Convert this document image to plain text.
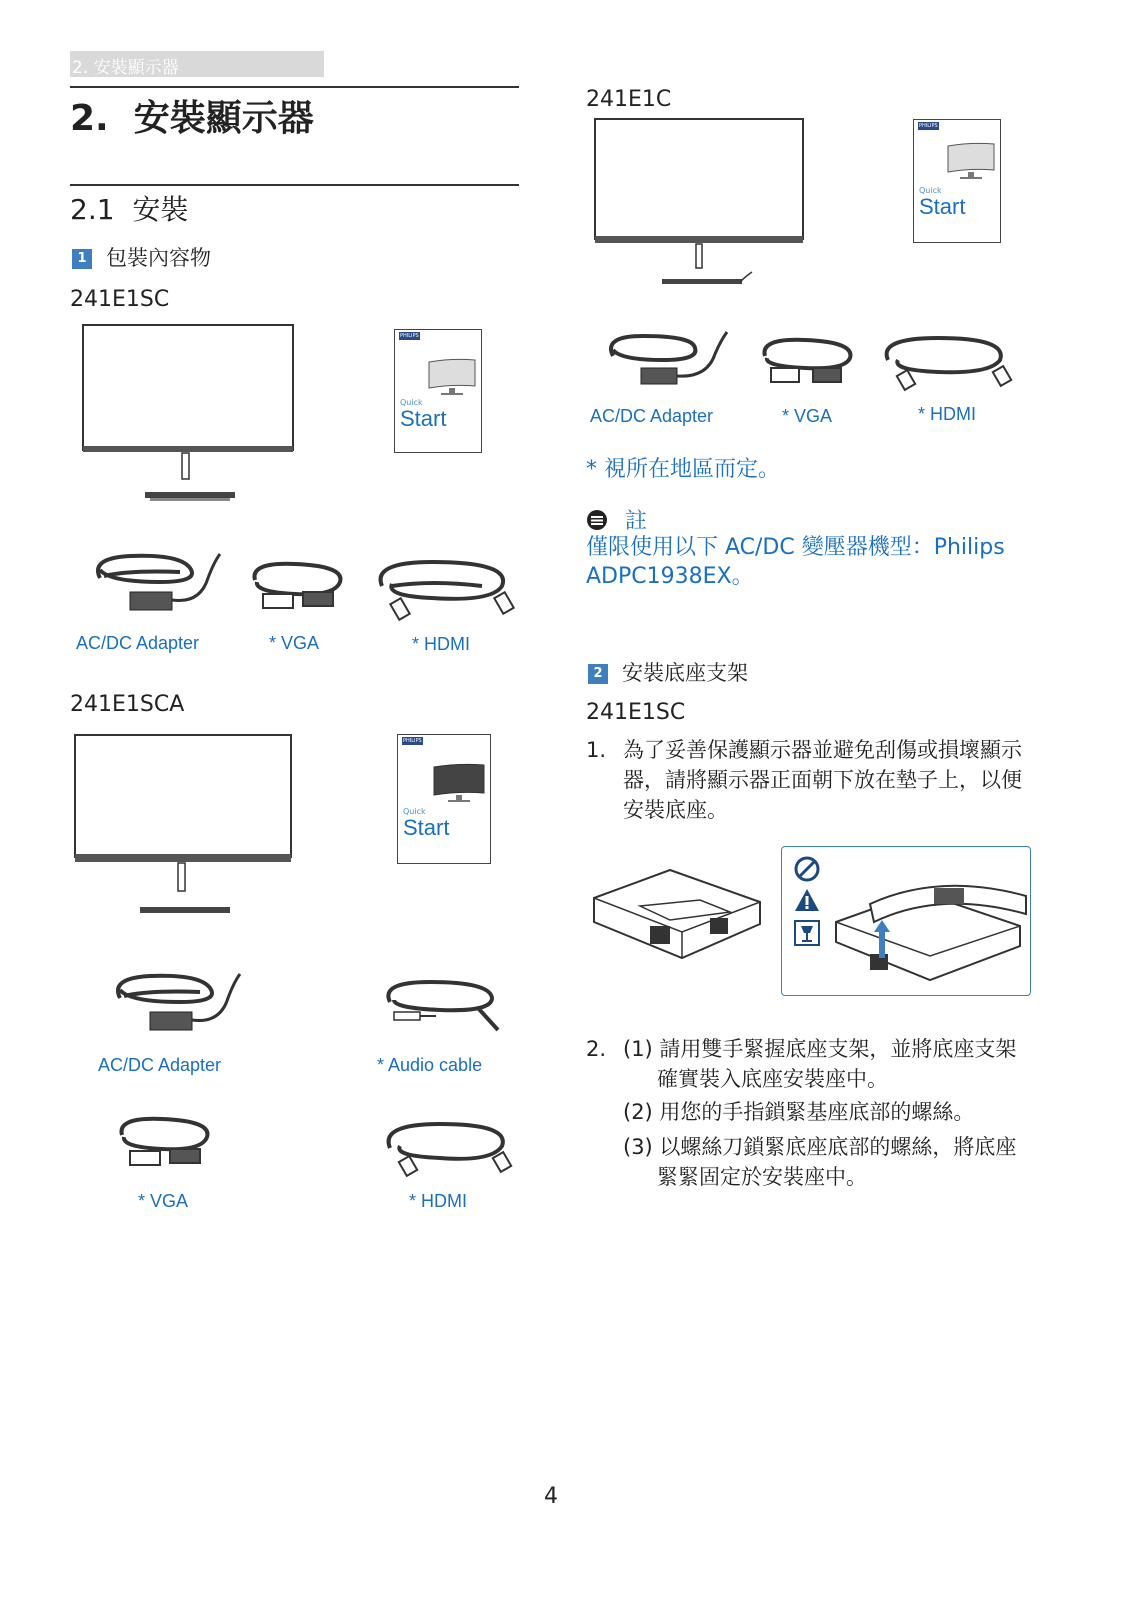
2. 安裝顯示器
2.  安裝顯示器
2.1  安裝
1 包裝內容物
241E1SC
PHILIPS
Quick
Start
AC/DC Adapter	* VGA	* HDMI
241E1SCA
PHILIPS
Quick
Start
AC/DC Adapter	* Audio cable
* VGA	* HDMI
241E1C
PHILIPS
Quick
Start
AC/DC Adapter	* VGA	* HDMI
* 視所在地區而定。
註
僅限使用以下 AC/DC 變壓器機型：Philips ADPC1938EX。
2 安裝底座支架
241E1SC
1. 為了妥善保護顯示器並避免刮傷或損壞顯示器，請將顯示器正面朝下放在墊子上，以便安裝底座。
2. (1) 請用雙手緊握底座支架，並將底座支架確實裝入底座安裝座中。
(2) 用您的手指鎖緊基座底部的螺絲。
(3) 以螺絲刀鎖緊底座底部的螺絲，將底座緊緊固定於安裝座中。
4
